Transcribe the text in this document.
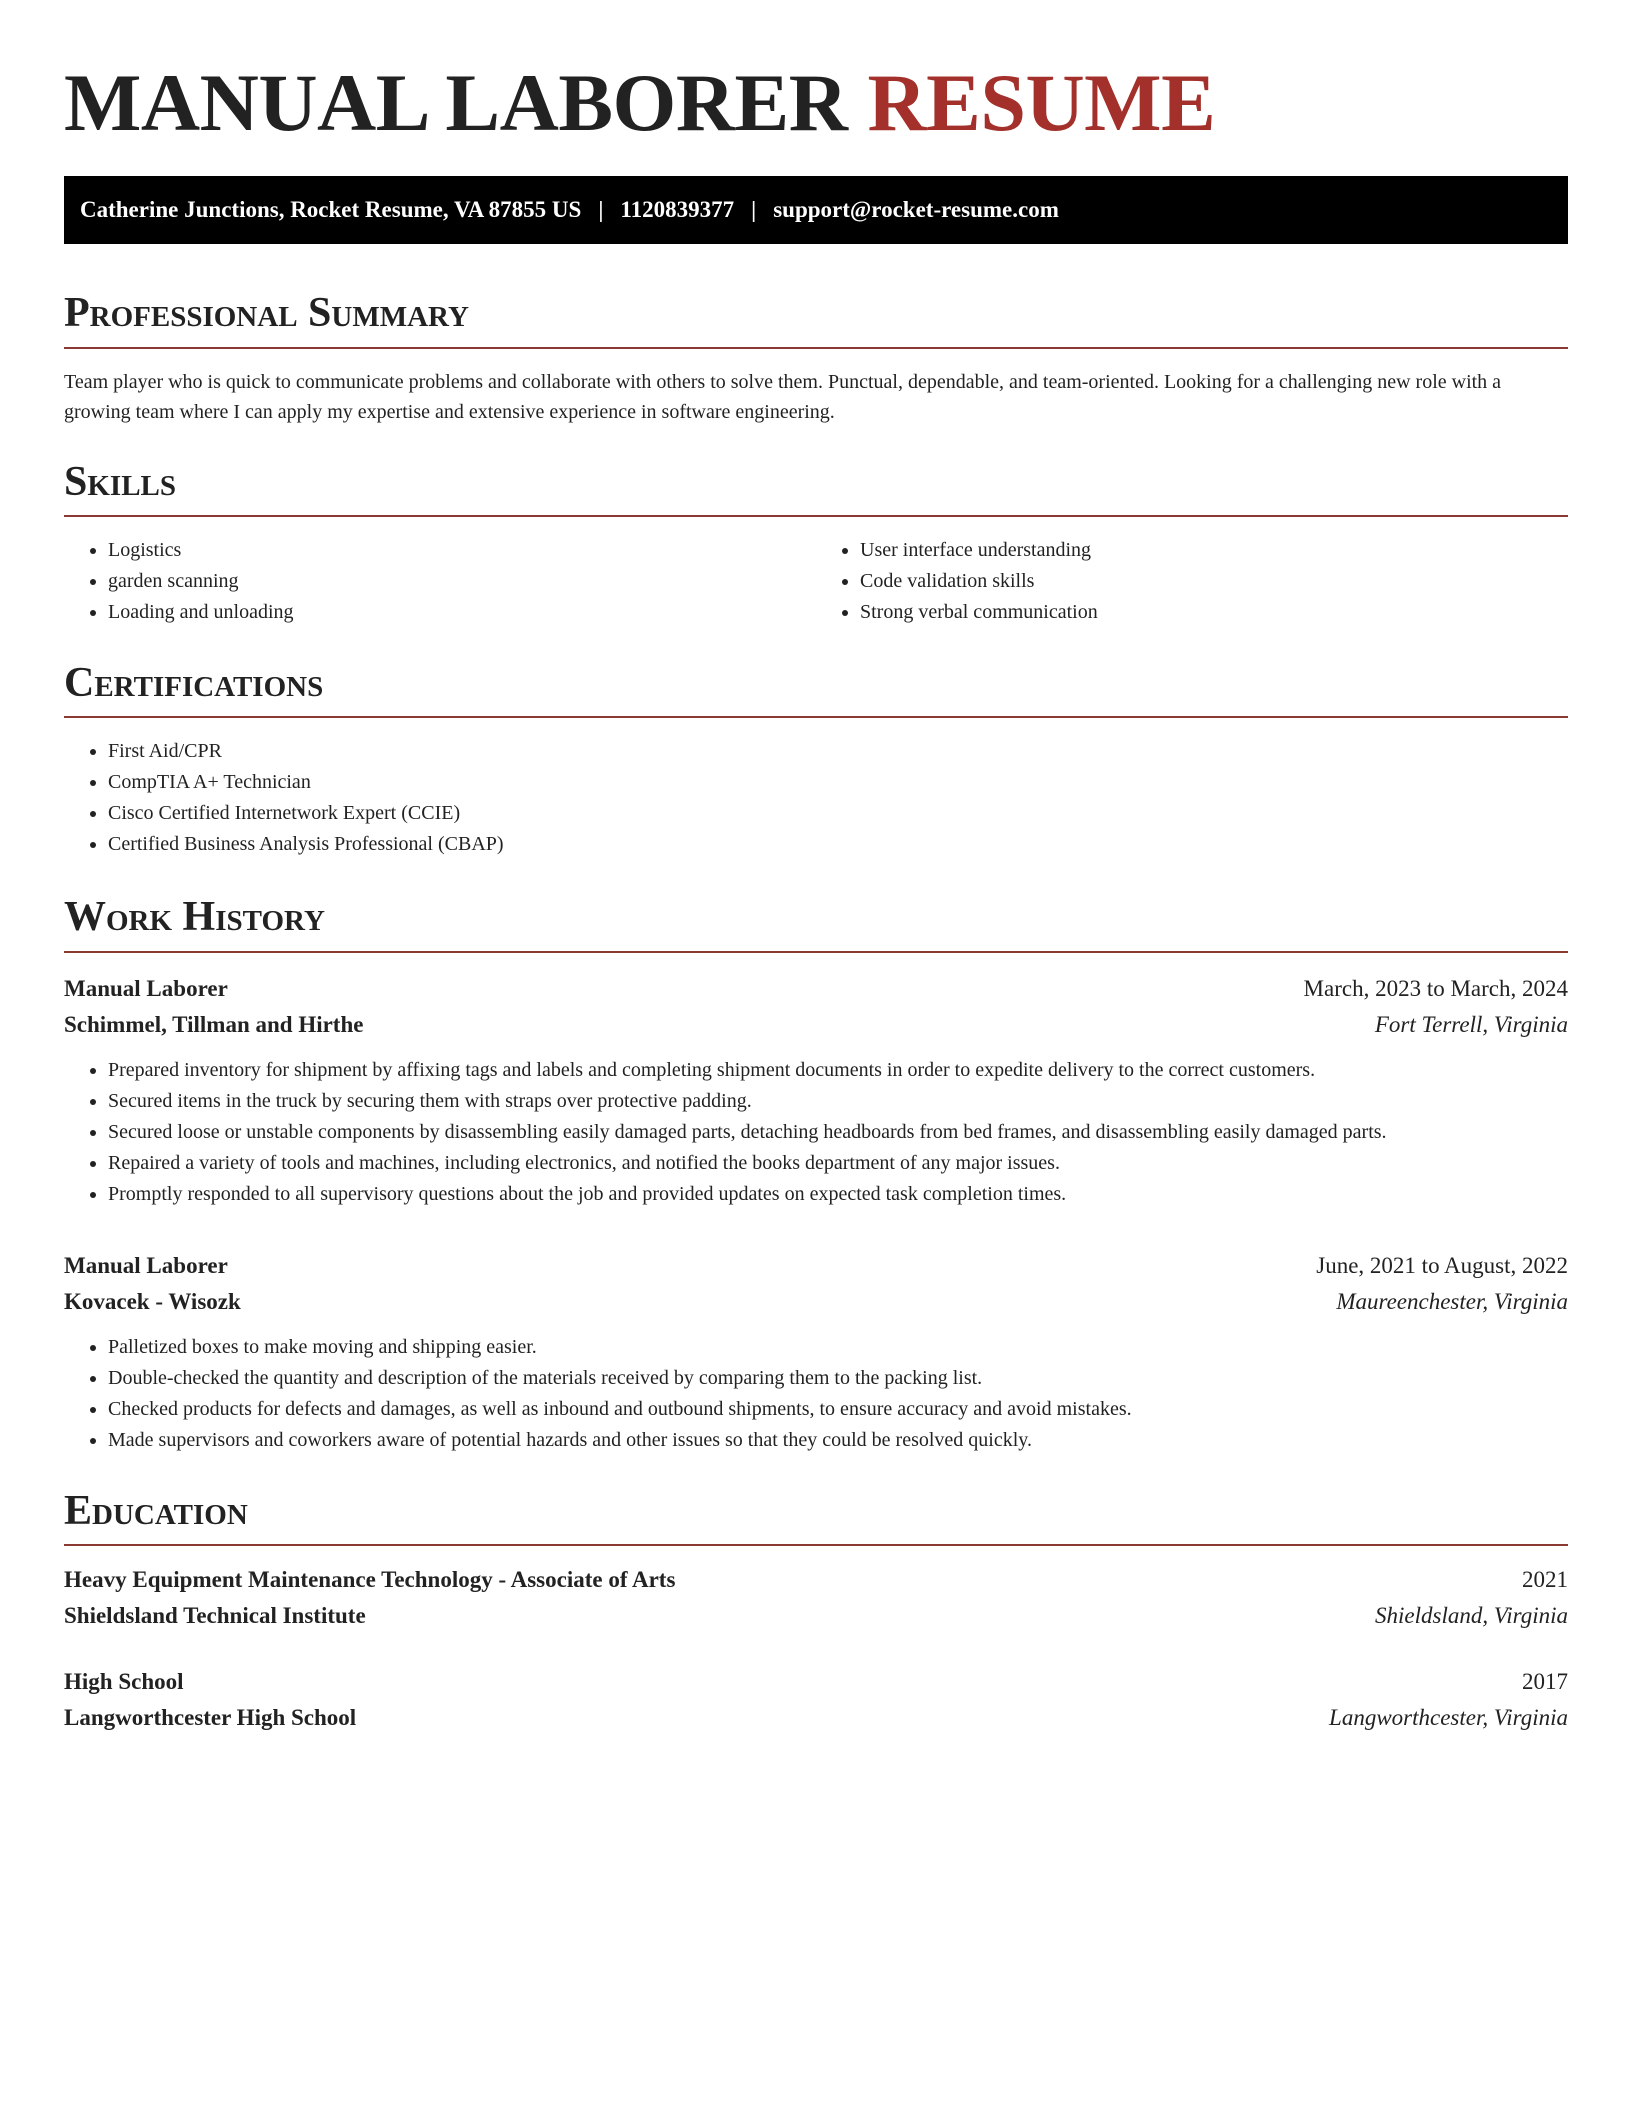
MANUAL LABORER RESUME
Catherine Junctions, Rocket Resume, VA 87855 US | 1120839377 | support@rocket-resume.com
Professional Summary

Team player who is quick to communicate problems and collaborate with others to solve them. Punctual, dependable, and team-oriented. Looking for a challenging new role with a growing team where I can apply my expertise and extensive experience in software engineering.

Skills
• Logistics
• garden scanning
• Loading and unloading
• User interface understanding
• Code validation skills
• Strong verbal communication
Certifications
• First Aid/CPR
• CompTIA A+ Technician
• Cisco Certified Internetwork Expert (CCIE)
• Certified Business Analysis Professional (CBAP)
Work History
Manual Laborer	March, 2023 to March, 2024
Schimmel, Tillman and Hirthe	Fort Terrell, Virginia
• Prepared inventory for shipment by affixing tags and labels and completing shipment documents in order to expedite delivery to the correct customers.
• Secured items in the truck by securing them with straps over protective padding.
• Secured loose or unstable components by disassembling easily damaged parts, detaching headboards from bed frames, and disassembling easily damaged parts.
• Repaired a variety of tools and machines, including electronics, and notified the books department of any major issues.
• Promptly responded to all supervisory questions about the job and provided updates on expected task completion times.
Manual Laborer	June, 2021 to August, 2022
Kovacek - Wisozk	Maureenchester, Virginia
• Palletized boxes to make moving and shipping easier.
• Double-checked the quantity and description of the materials received by comparing them to the packing list.
• Checked products for defects and damages, as well as inbound and outbound shipments, to ensure accuracy and avoid mistakes.
• Made supervisors and coworkers aware of potential hazards and other issues so that they could be resolved quickly.
Education
Heavy Equipment Maintenance Technology - Associate of Arts	2021
Shieldsland Technical Institute	Shieldsland, Virginia
High School	2017
Langworthcester High School	Langworthcester, Virginia
